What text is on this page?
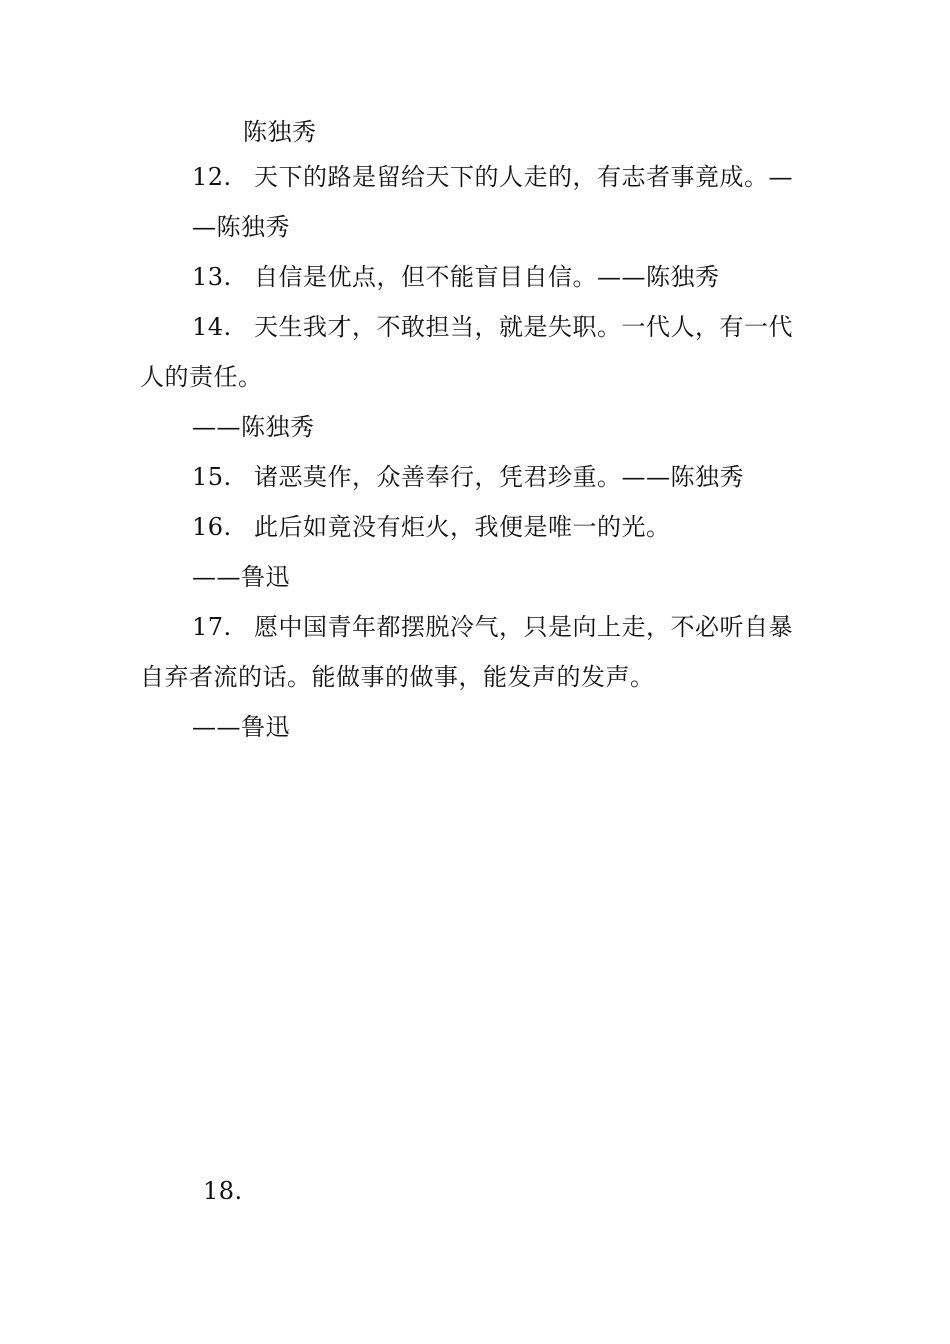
陈独秀
12. 天下的路是留给天下的人走的，有志者事竟成。—
—陈独秀
13. 自信是优点，但不能盲目自信。——陈独秀
14. 天生我才，不敢担当，就是失职。一代人，有一代
人的责任。
——陈独秀
15. 诸恶莫作，众善奉行，凭君珍重。——陈独秀
16. 此后如竟没有炬火，我便是唯一的光。
——鲁迅
17. 愿中国青年都摆脱冷气，只是向上走，不必听自暴
自弃者流的话。能做事的做事，能发声的发声。
——鲁迅
18.
